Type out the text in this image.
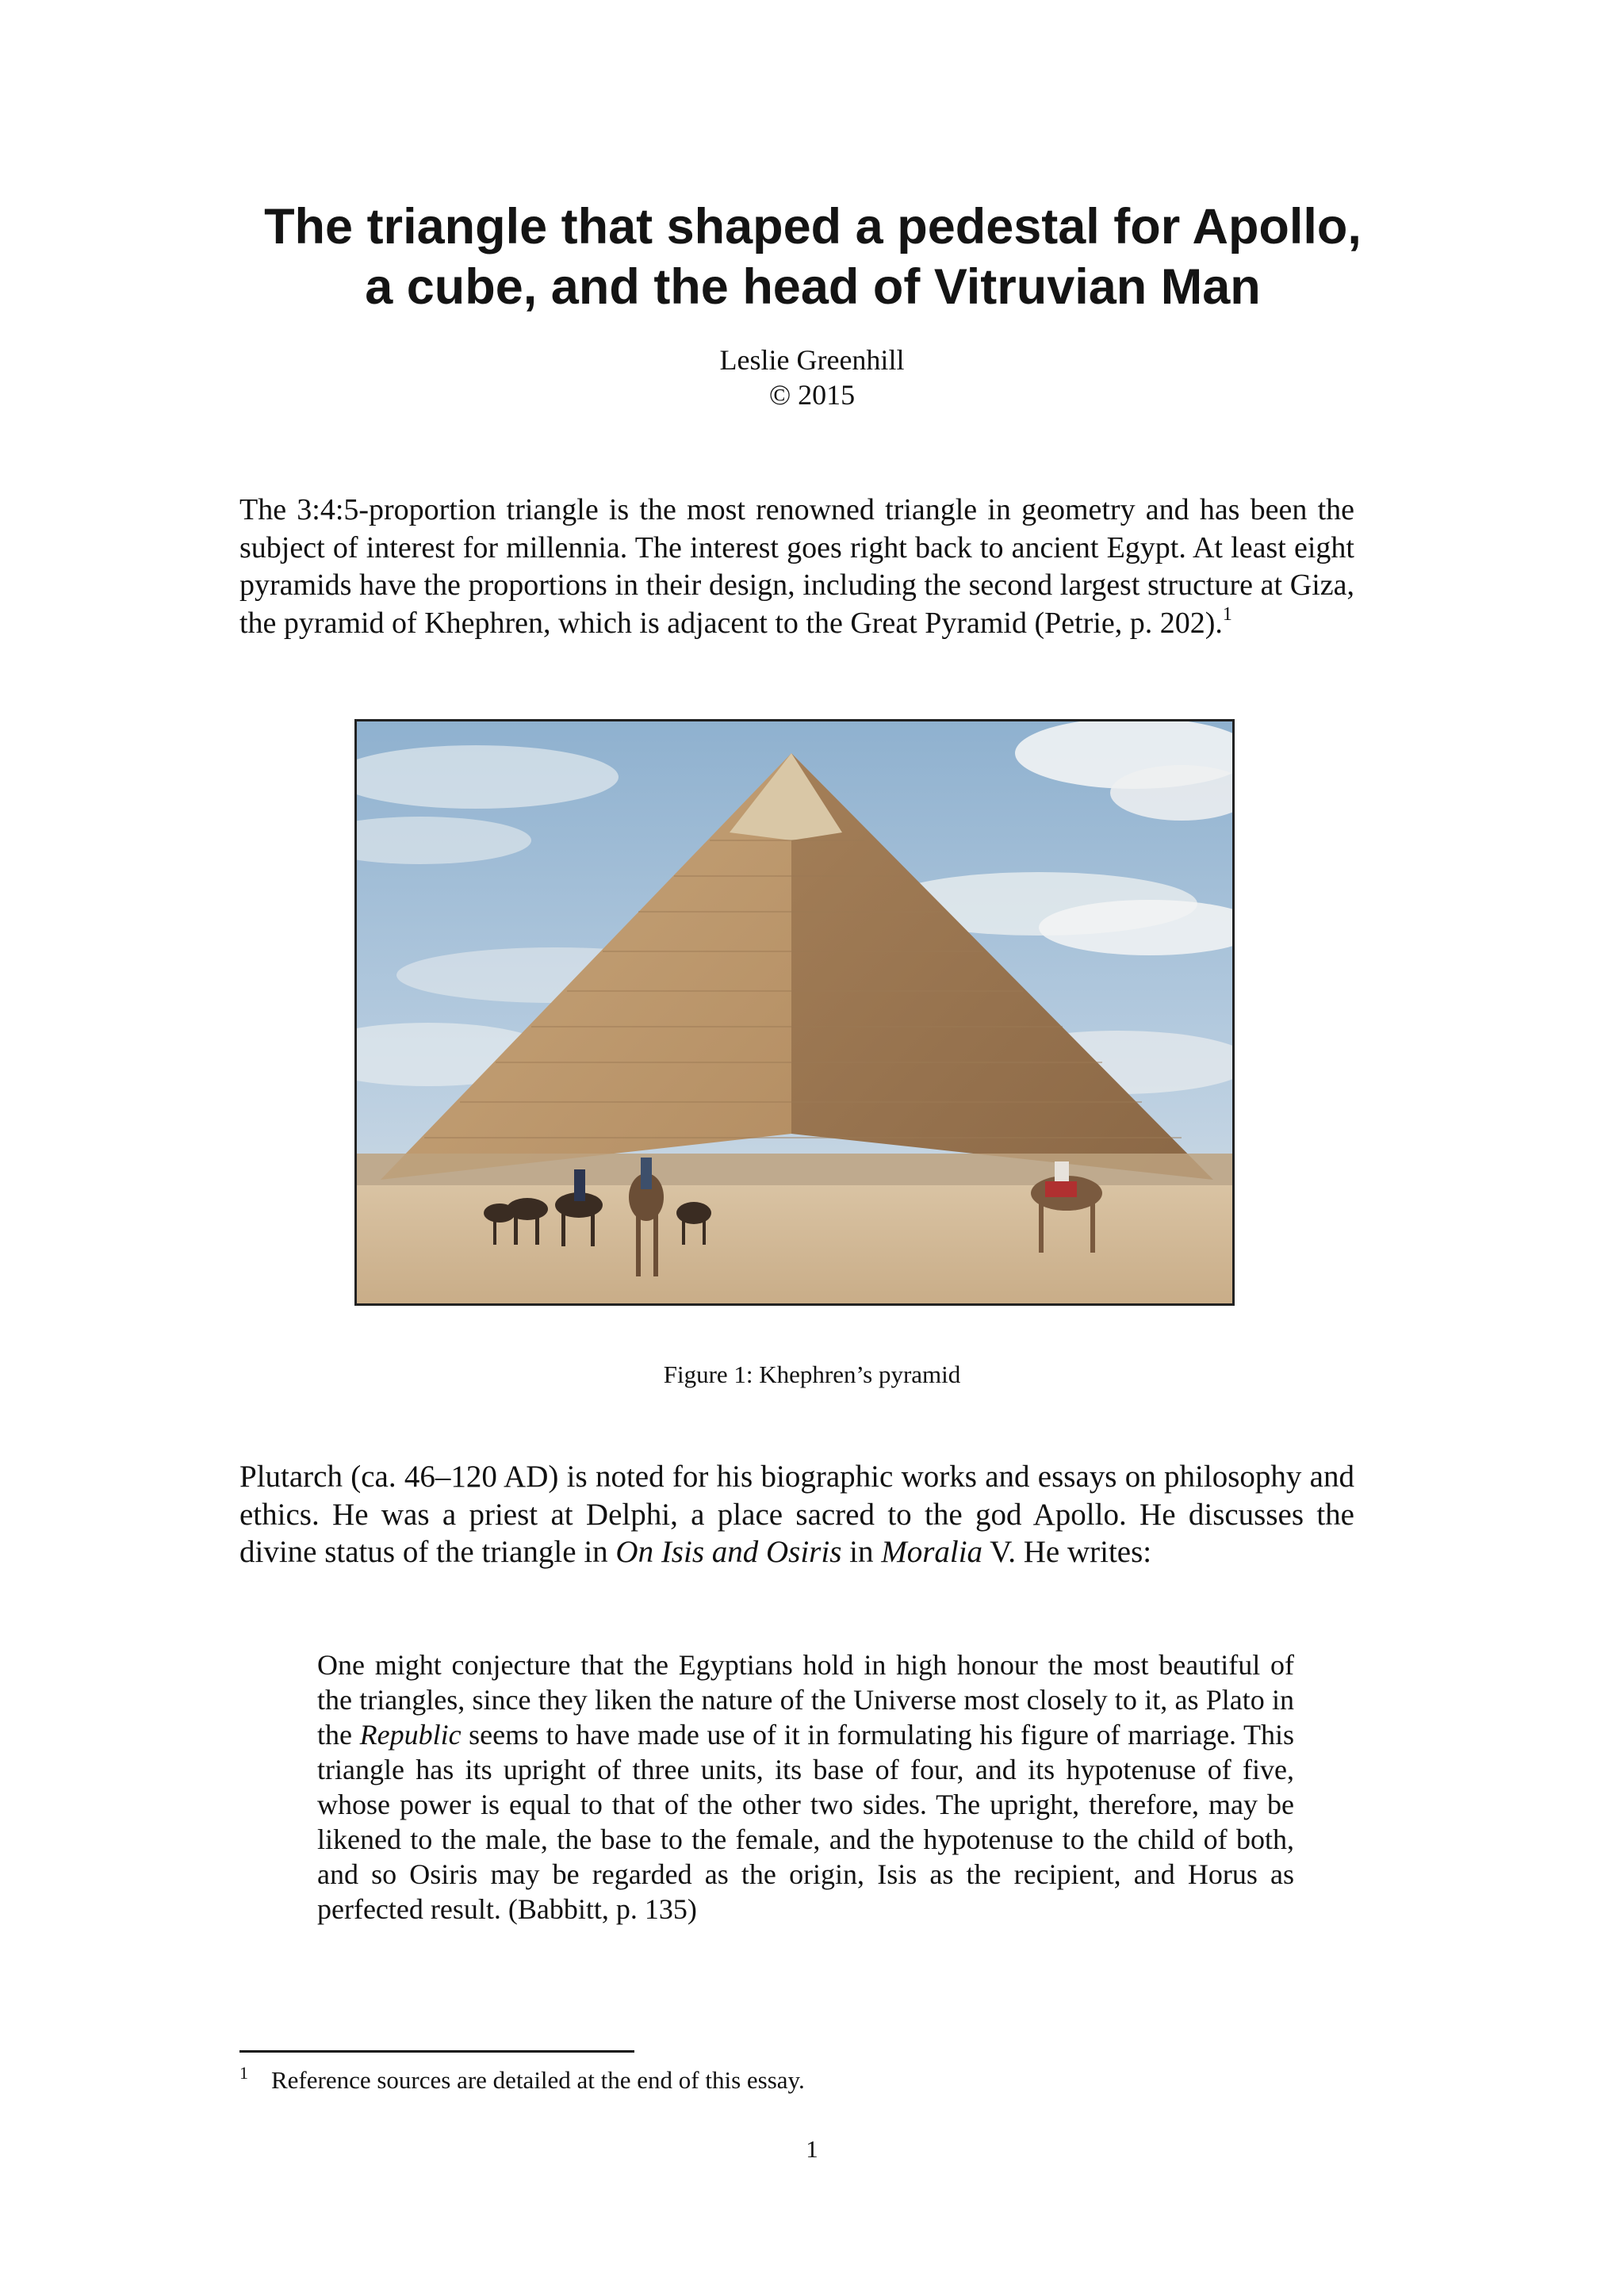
The triangle that shaped a pedestal for Apollo,
a cube, and the head of Vitruvian Man
Leslie Greenhill
© 2015

The 3:4:5-proportion triangle is the most renowned triangle in geometry and has been the subject of interest for millennia. The interest goes right back to ancient Egypt. At least eight pyramids have the proportions in their design, including the second largest structure at Giza, the pyramid of Khephren, which is adjacent to the Great Pyramid (Petrie, p. 202).$^1$

Figure 1: Khephren’s pyramid

Plutarch (ca. 46–120 AD) is noted for his biographic works and essays on philosophy and ethics. He was a priest at Delphi, a place sacred to the god Apollo. He discusses the divine status of the triangle in On Isis and Osiris in Moralia V. He writes:

One might conjecture that the Egyptians hold in high honour the most beautiful of the triangles, since they liken the nature of the Universe most closely to it, as Plato in the Republic seems to have made use of it in formulating his figure of marriage. This triangle has its upright of three units, its base of four, and its hypotenuse of five, whose power is equal to that of the other two sides. The upright, therefore, may be likened to the male, the base to the female, and the hypotenuse to the child of both, and so Osiris may be regarded as the origin, Isis as the recipient, and Horus as perfected result. (Babbitt, p. 135)

1 Reference sources are detailed at the end of this essay.
1
